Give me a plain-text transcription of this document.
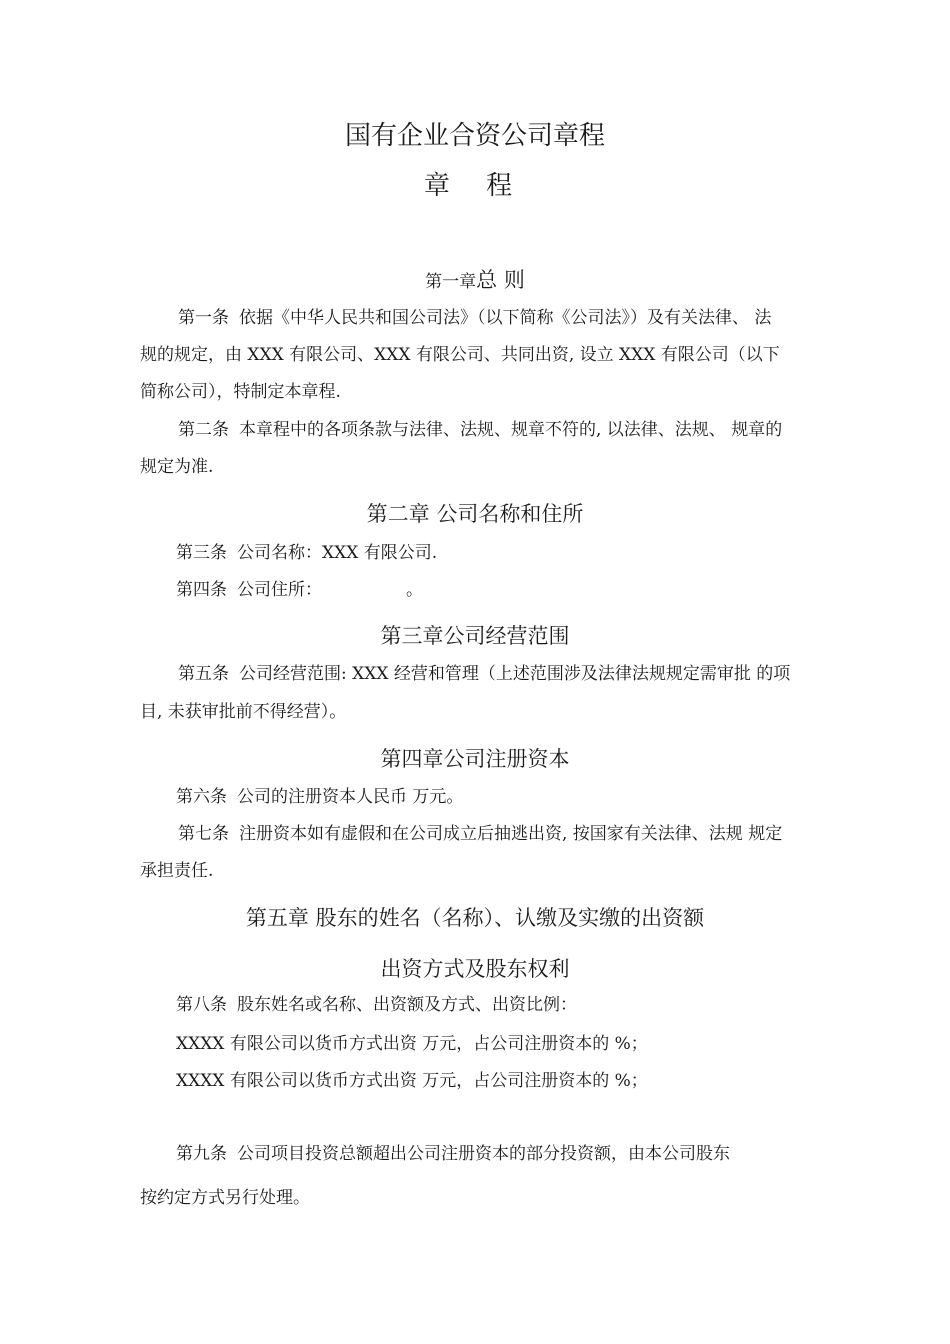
国有企业合资公司章程
章 程
第一章总 则
第一条 依据《中华人民共和国公司法》（以下简称《公司法》）及有关法律、 法
规的规定，由 XXX 有限公司、XXX 有限公司、共同出资, 设立 XXX 有限公司（以下
简称公司），特制定本章程.
第二条 本章程中的各项条款与法律、法规、规章不符的, 以法律、法规、 规章的
规定为准.
第二章 公司名称和住所
第三条 公司名称：XXX 有限公司.
第四条 公司住所：	。
第三章公司经营范围
第五条 公司经营范围: XXX 经营和管理（上述范围涉及法律法规规定需审批 的项
目, 未获审批前不得经营）。
第四章公司注册资本
第六条 公司的注册资本人民币 万元。
第七条 注册资本如有虚假和在公司成立后抽逃出资, 按国家有关法律、法规 规定
承担责任.
第五章 股东的姓名（名称）、认缴及实缴的出资额
出资方式及股东权利
第八条 股东姓名或名称、出资额及方式、出资比例：
XXXX 有限公司以货币方式出资 万元，占公司注册资本的 %；
XXXX 有限公司以货币方式出资 万元，占公司注册资本的 %；
第九条 公司项目投资总额超出公司注册资本的部分投资额，由本公司股东
按约定方式另行处理。
